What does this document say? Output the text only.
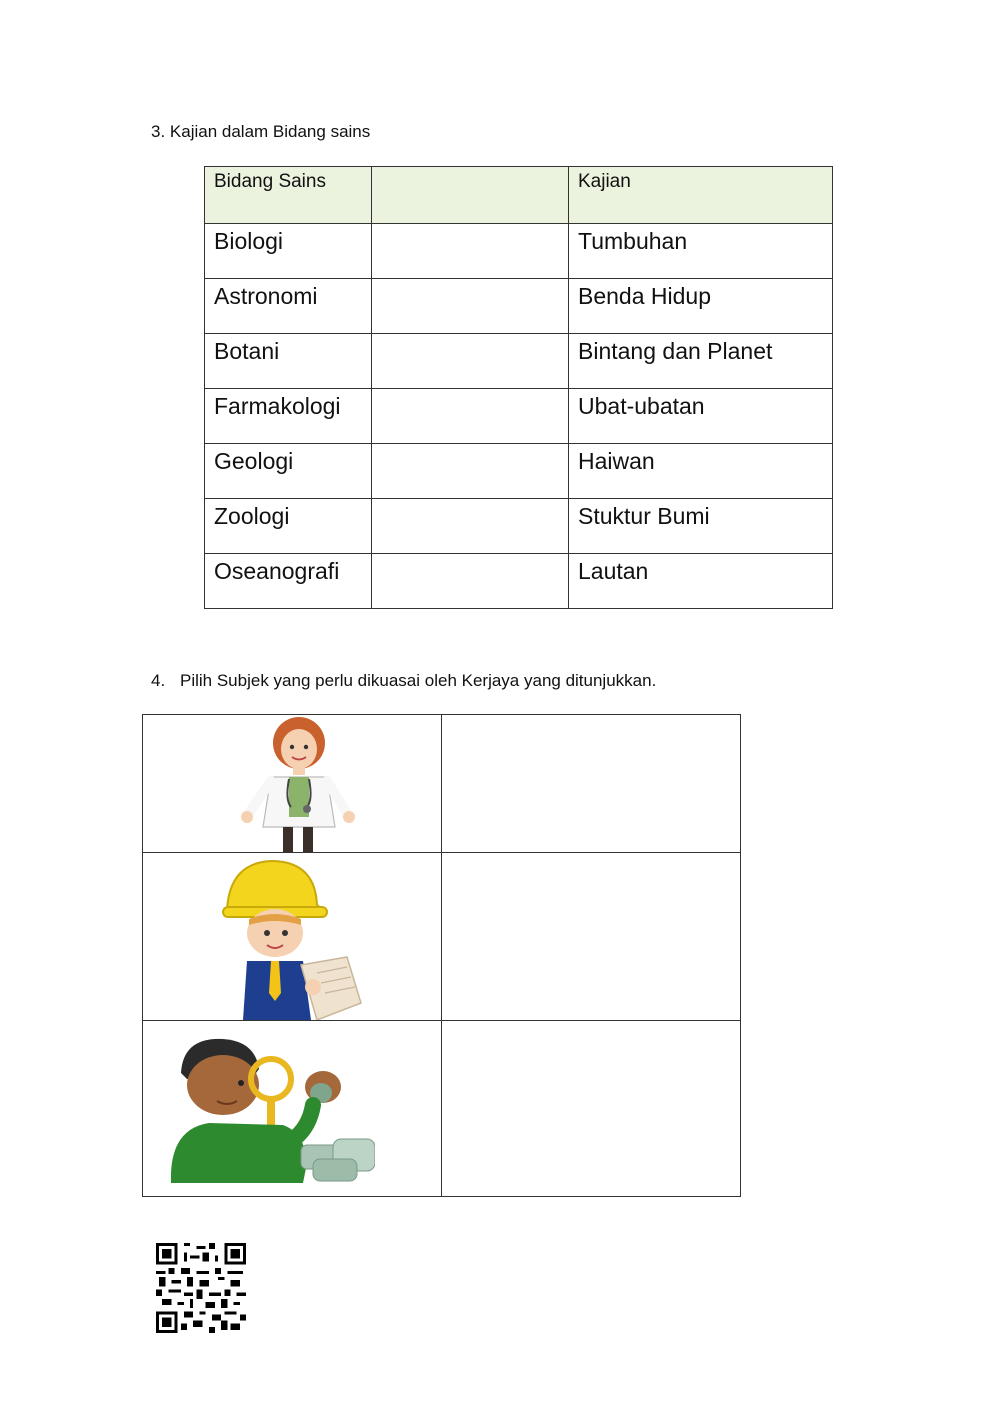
3. Kajian dalam Bidang sains
Bidang Sains		Kajian
Biologi		Tumbuhan
Astronomi		Benda Hidup
Botani		Bintang dan Planet
Farmakologi		Ubat-ubatan
Geologi		Haiwan
Zoologi		Stuktur Bumi
Oseanografi		Lautan
4. Pilih Subjek yang perlu dikuasai oleh Kerjaya yang ditunjukkan.
